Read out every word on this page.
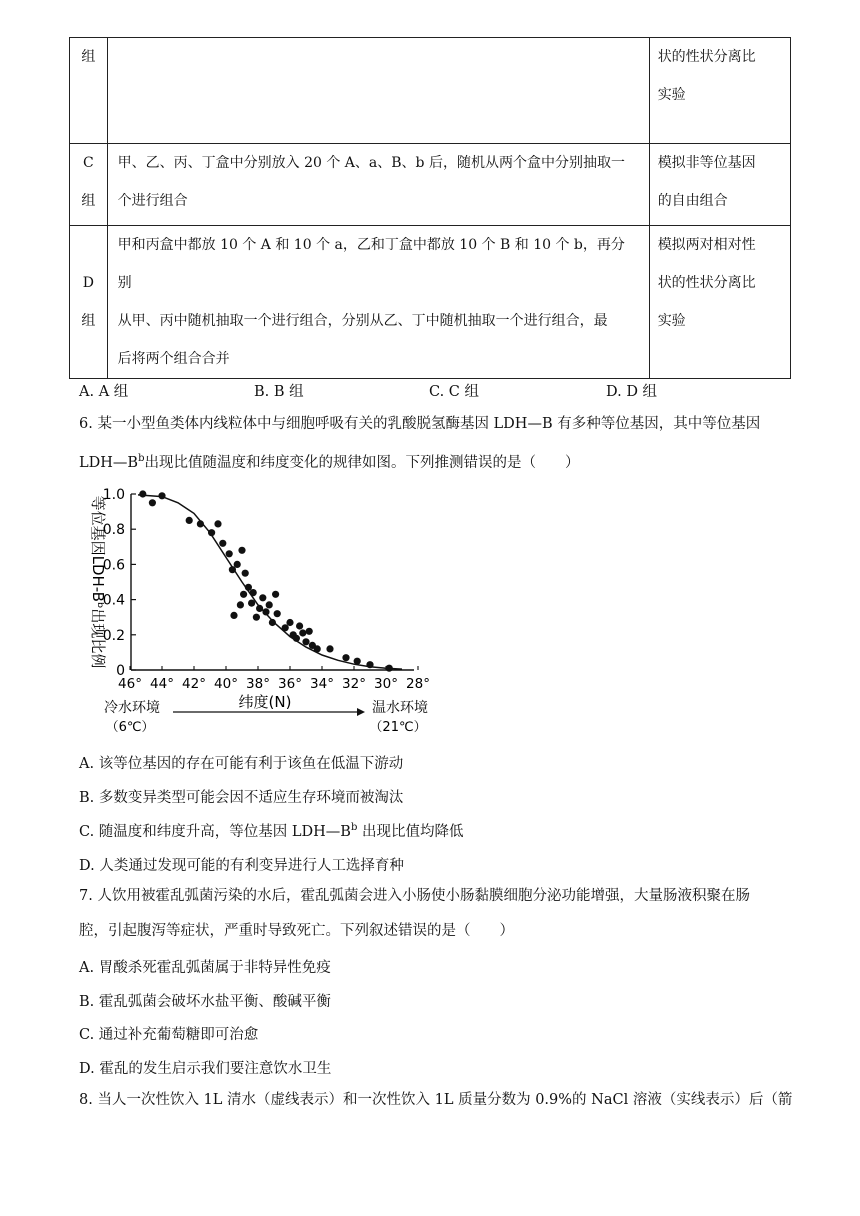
组		状的性状分离比
实验

C
组	甲、乙、丙、丁盒中分别放入 20 个 A、a、B、b 后，随机从两个盒中分别抽取一
个进行组合	模拟非等位基因
的自由组合

D
组	甲和丙盒中都放 10 个 A 和 10 个 a，乙和丁盒中都放 10 个 B 和 10 个 b，再分别
从甲、丙中随机抽取一个进行组合，分别从乙、丁中随机抽取一个进行组合，最
后将两个组合合并	模拟两对相对性
状的性状分离比
实验
A. A 组	B. B 组	C. C 组	D. D 组
6. 某一小型鱼类体内线粒体中与细胞呼吸有关的乳酸脱氢酶基因 LDH—B 有多种等位基因，其中等位基因
$LDH—B^b$出现比值随温度和纬度变化的规律如图。下列推测错误的是（　　）
0
0.2
0.4
0.6
0.8
1.0
46° 44° 42° 40° 38° 36° 34° 32° 30° 28°
等位基因LDH-Bᵇ出现比例
纬度(N)
冷水环境
（6℃）
温水环境
（21℃）
A. 该等位基因的存在可能有利于该鱼在低温下游动
B. 多数变异类型可能会因不适应生存环境而被淘汰
C. 随温度和纬度升高，等位基因 $LDH—B^b$ 出现比值均降低
D. 人类通过发现可能的有利变异进行人工选择育种
7. 人饮用被霍乱弧菌污染的水后，霍乱弧菌会进入小肠使小肠黏膜细胞分泌功能增强，大量肠液积聚在肠
腔，引起腹泻等症状，严重时导致死亡。下列叙述错误的是（　　）
A. 胃酸杀死霍乱弧菌属于非特异性免疫
B. 霍乱弧菌会破坏水盐平衡、酸碱平衡
C. 通过补充葡萄糖即可治愈
D. 霍乱的发生启示我们要注意饮水卫生
8. 当人一次性饮入 1L 清水（虚线表示）和一次性饮入 1L 质量分数为 0.9%的 NaCl 溶液（实线表示）后（箭
